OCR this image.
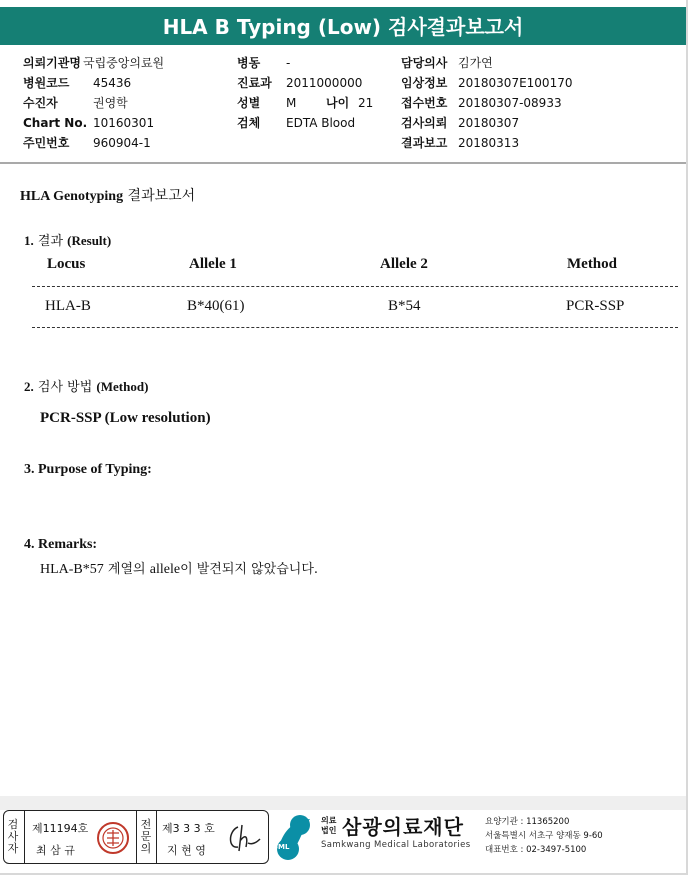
HLA B Typing (Low) 검사결과보고서
의뢰기관명 국립중앙의료원
병원코드 45436
수진자	권영학
Chart No. 10160301
주민번호 960904-1
병동 -
진료과 2011000000
성별 M 나이 21
검체 EDTA Blood
담당의사 김가연
임상정보 20180307E100170
접수번호 20180307-08933
검사의뢰 20180307
결과보고 20180313
HLA Genotyping 결과보고서
1. 결과 (Result)
Locus	Allele 1	Allele 2	Method
HLA-B	B*40(61)	B*54	PCR-SSP
2. 검사 방법 (Method)
PCR-SSP (Low resolution)
3. Purpose of Typing:
4. Remarks:
HLA-B*57 계열의 allele이 발견되지 않았습니다.
검사자
제11194호
최 삼 규
전문의
제3 3 3 호
지 현 영	SML
의료
법인 삼광의료재단
Samkwang Medical Laboratories
요양기관 : 11365200
서울특별시 서초구 양재동 9-60
대표번호 : 02-3497-5100
